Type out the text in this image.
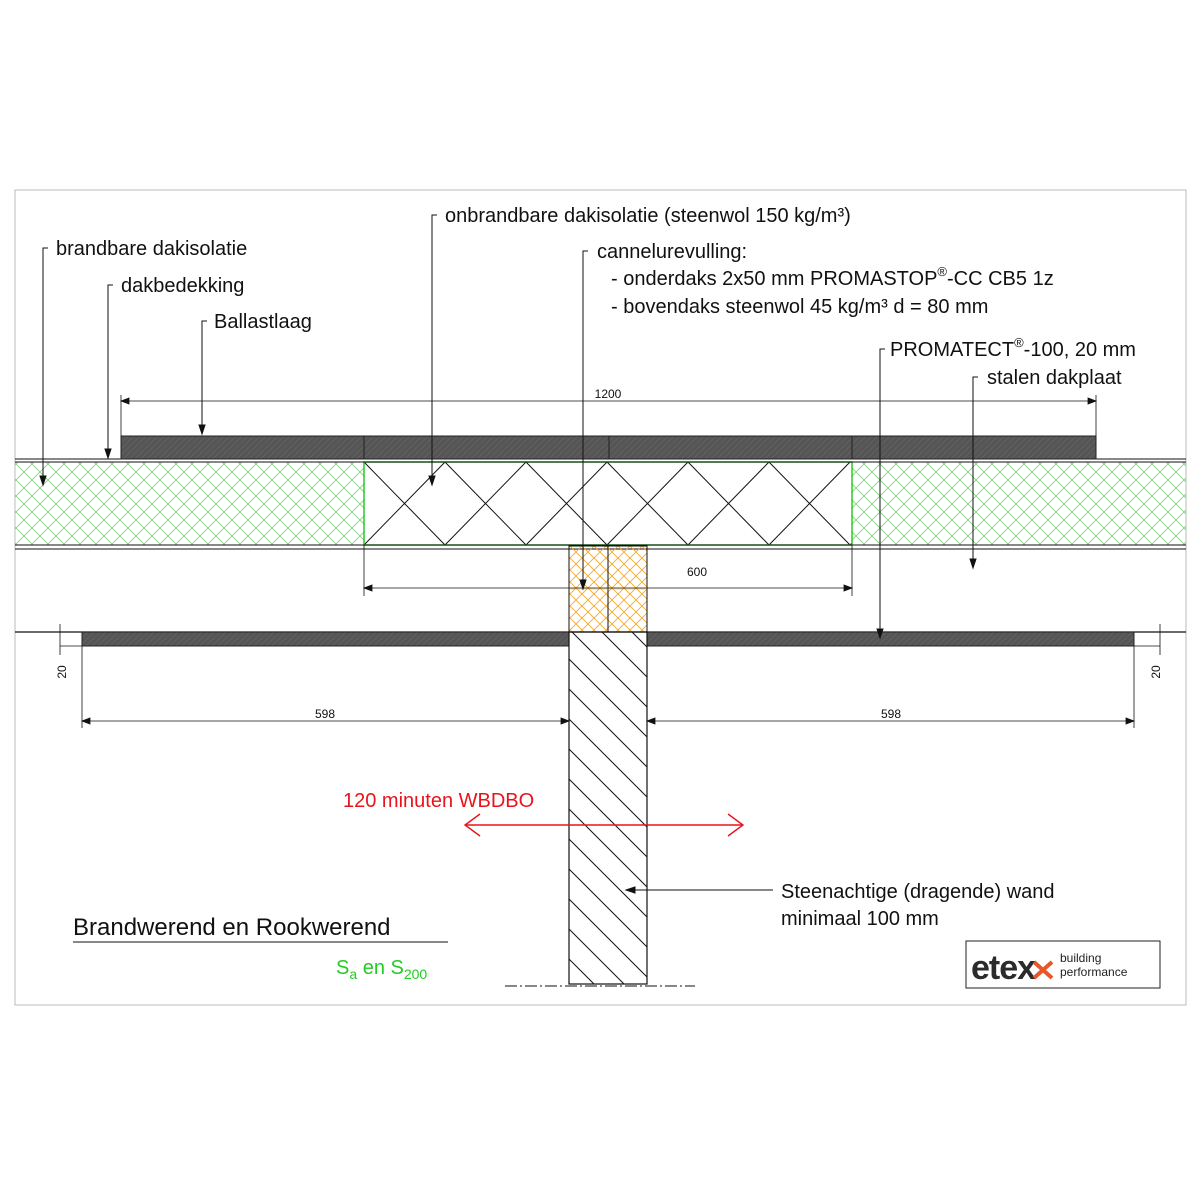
brandbare dakisolatie
dakbedekking
Ballastlaag
onbrandbare dakisolatie (steenwol 150 kg/m³)
cannelurevulling:
- onderdaks 2x50 mm PROMASTOP®-CC CB5 1z
- bovendaks steenwol 45 kg/m³ d = 80 mm
PROMATECT®-100, 20 mm
stalen dakplaat
120 minuten WBDBO
Steenachtige (dragende) wand
minimaal 100 mm
1200
600
598	598
20	20
Brandwerend en Rookwerend
$S_a$ en $S_{200}$	etex building
performance
